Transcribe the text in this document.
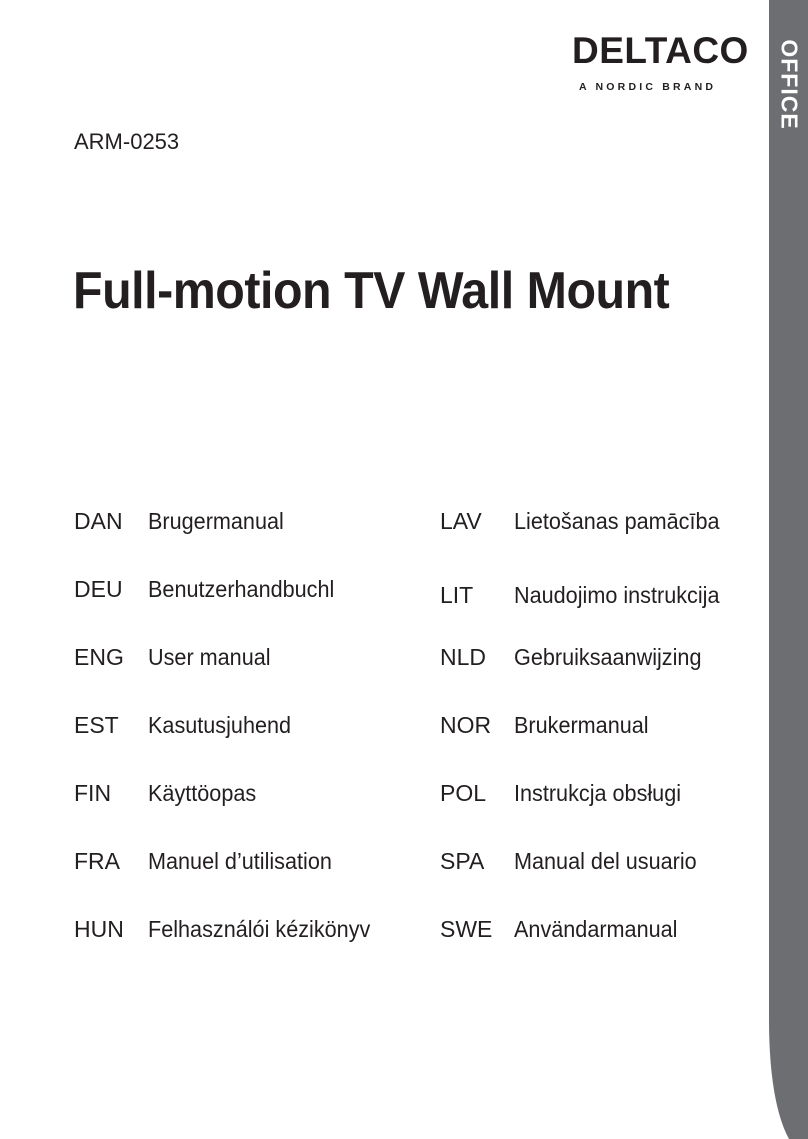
OFFICE
DELTACO
A NORDIC BRAND
ARM-0253
Full-motion TV Wall Mount
DAN	Brugermanual
DEU	Benutzerhandbuchl
ENG	User manual
EST	Kasutusjuhend
FIN	Käyttöopas
FRA	Manuel d’utilisation
HUN	Felhasználói kézikönyv
LAV	Lietošanas pamācība
LIT	Naudojimo instrukcija
NLD	Gebruiksaanwijzing
NOR Brukermanual
POL	Instrukcja obsługi
SPA	Manual del usuario
SWE Användarmanual
